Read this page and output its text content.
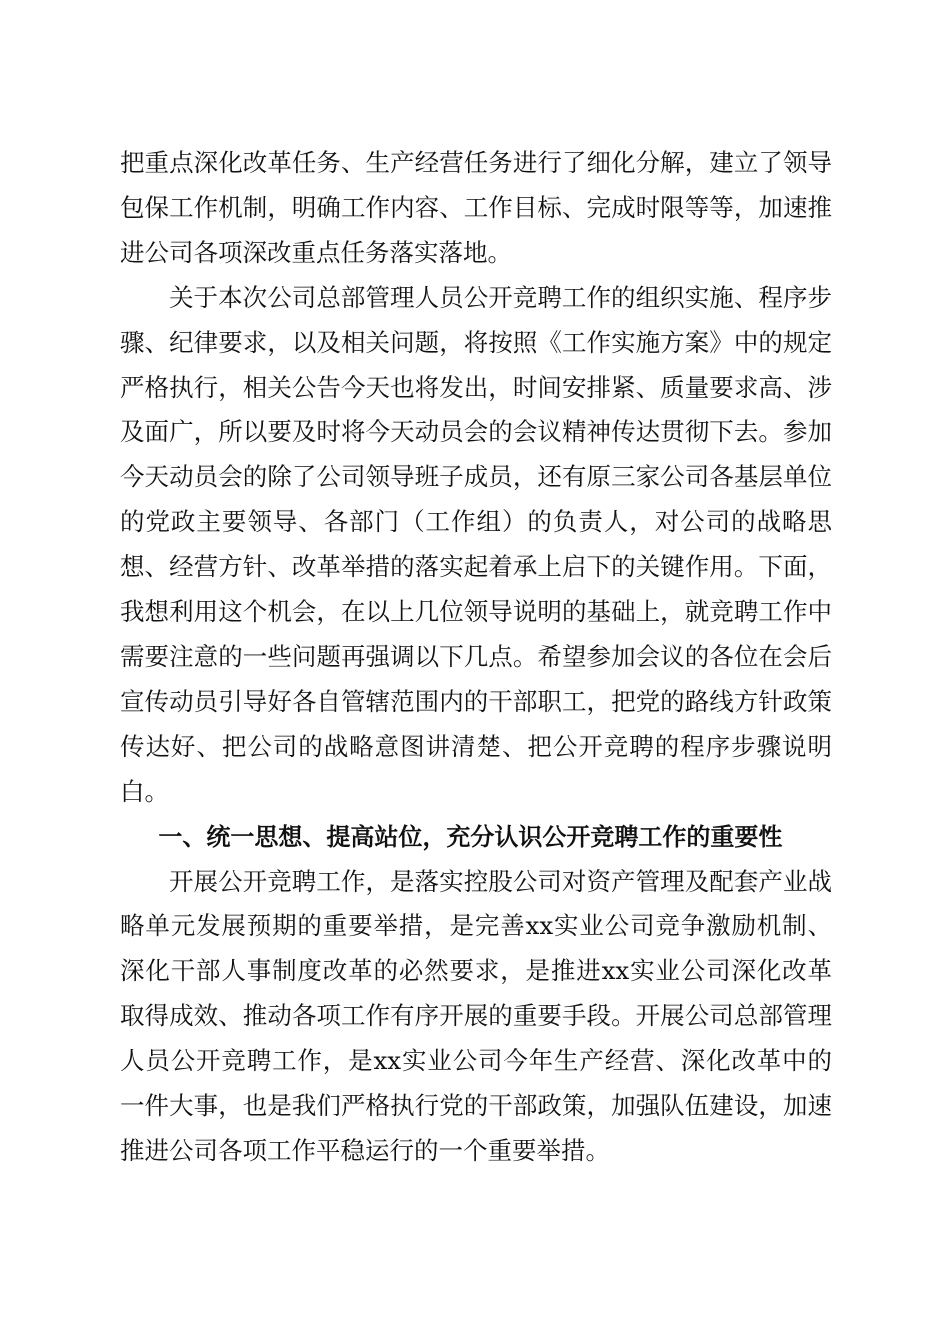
把重点深化改革任务、生产经营任务进行了细化分解，建立了领导包保工作机制，明确工作内容、工作目标、完成时限等等，加速推进公司各项深改重点任务落实落地。

关于本次公司总部管理人员公开竞聘工作的组织实施、程序步骤、纪律要求，以及相关问题，将按照《工作实施方案》中的规定严格执行，相关公告今天也将发出，时间安排紧、质量要求高、涉及面广，所以要及时将今天动员会的会议精神传达贯彻下去。参加今天动员会的除了公司领导班子成员，还有原三家公司各基层单位的党政主要领导、各部门（工作组）的负责人，对公司的战略思想、经营方针、改革举措的落实起着承上启下的关键作用。下面，我想利用这个机会，在以上几位领导说明的基础上，就竞聘工作中需要注意的一些问题再强调以下几点。希望参加会议的各位在会后宣传动员引导好各自管辖范围内的干部职工，把党的路线方针政策传达好、把公司的战略意图讲清楚、把公开竞聘的程序步骤说明白。

一、统一思想、提高站位，充分认识公开竞聘工作的重要性

开展公开竞聘工作，是落实控股公司对资产管理及配套产业战略单元发展预期的重要举措，是完善xx实业公司竞争激励机制、深化干部人事制度改革的必然要求，是推进xx实业公司深化改革取得成效、推动各项工作有序开展的重要手段。开展公司总部管理人员公开竞聘工作，是xx实业公司今年生产经营、深化改革中的一件大事，也是我们严格执行党的干部政策，加强队伍建设，加速推进公司各项工作平稳运行的一个重要举措。
